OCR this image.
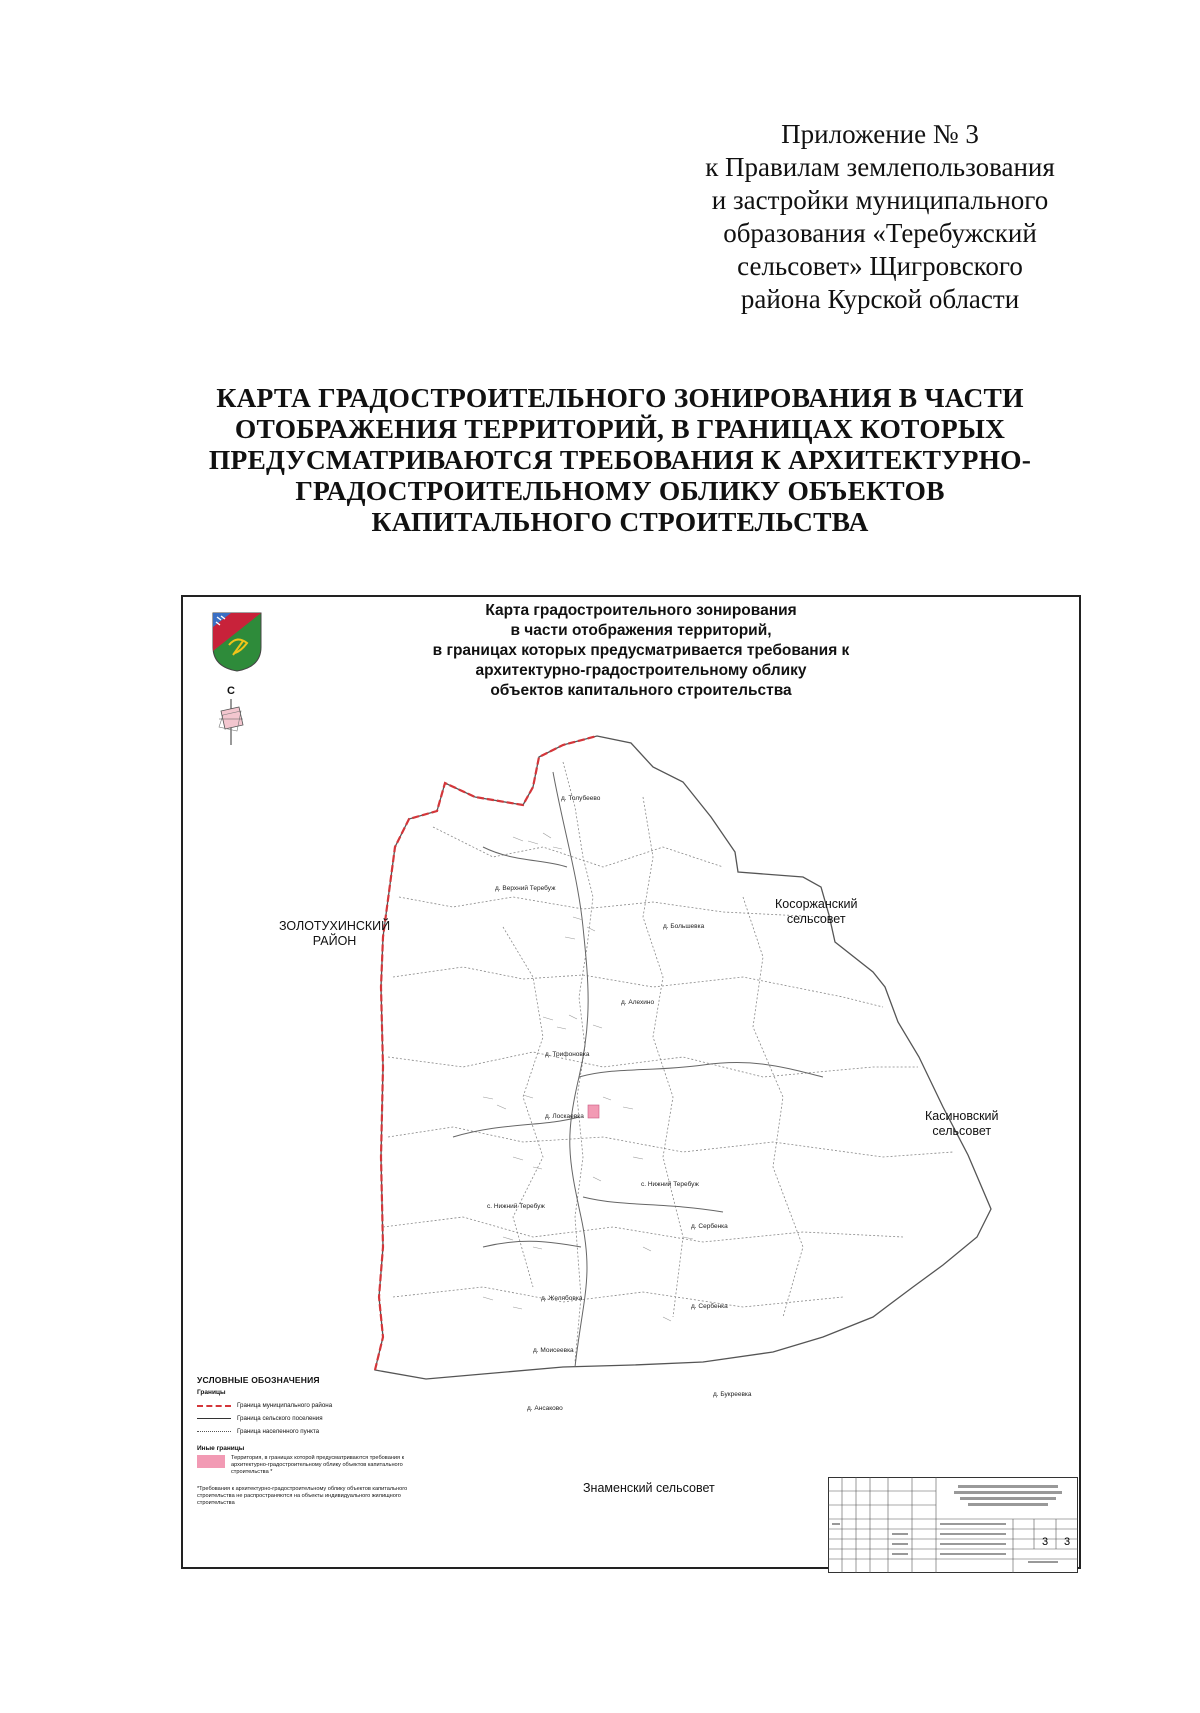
Приложение № 3
к Правилам землепользования
и застройки муниципального
образования «Теребужский
сельсовет» Щигровского
района Курской области
КАРТА ГРАДОСТРОИТЕЛЬНОГО ЗОНИРОВАНИЯ В ЧАСТИ
ОТОБРАЖЕНИЯ ТЕРРИТОРИЙ, В ГРАНИЦАХ КОТОРЫХ
ПРЕДУСМАТРИВАЮТСЯ ТРЕБОВАНИЯ К АРХИТЕКТУРНО-
ГРАДОСТРОИТЕЛЬНОМУ ОБЛИКУ ОБЪЕКТОВ
КАПИТАЛЬНОГО СТРОИТЕЛЬСТВА
С
Карта градостроительного зонирования
в части отображения территорий,
в границах которых предусматривается требования к
архитектурно-градостроительному облику
объектов капитального строительства
ЗОЛОТУХИНСКИЙ
РАЙОН
Косоржанский
сельсовет
Касиновский
сельсовет
Знаменский сельсовет
д. Толубеево
д. Верхний Теребуж
д. Большевка
д. Алехино
д. Трифоновка
д. Лоскаевка
с. Нижний Теребуж
с. Нижний Теребуж
д. Сербенка
д. Желябовка
д. Сербенка
д. Моисеевка
д. Букреевка
д. Ансаково
УСЛОВНЫЕ ОБОЗНАЧЕНИЯ
Границы
Граница муниципального района
Граница сельского поселения
Граница населенного пункта
Иные границы
Территория, в границах которой предусматриваются требования к архитектурно-градостроительному облику объектов капитального строительства *
*Требования к архитектурно-градостроительному облику объектов капитального строительства не распространяются на объекты индивидуального жилищного строительства
3 3
